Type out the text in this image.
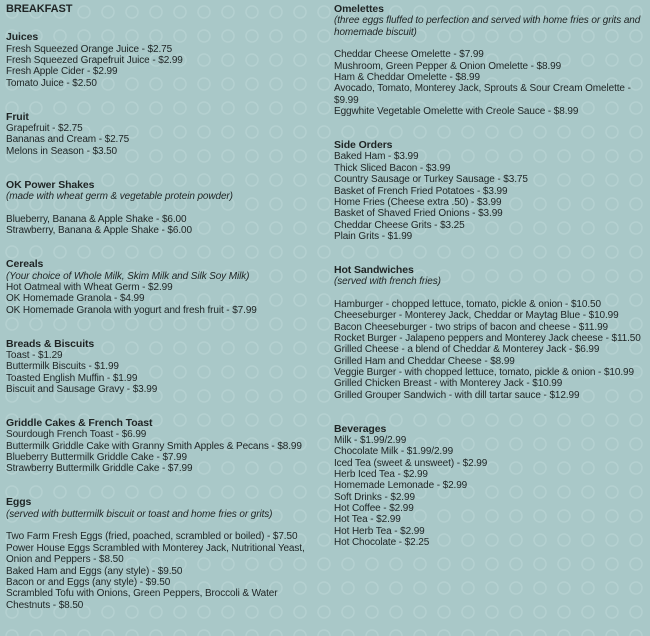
BREAKFAST
Juices
Fresh Squeezed Orange Juice - $2.75
Fresh Squeezed Grapefruit Juice - $2.99
Fresh Apple Cider - $2.99
Tomato Juice - $2.50
Fruit
Grapefruit - $2.75
Bananas and Cream - $2.75
Melons in Season - $3.50
OK Power Shakes
(made with wheat germ & vegetable protein powder)
Blueberry, Banana & Apple Shake - $6.00
Strawberry, Banana & Apple Shake - $6.00
Cereals
(Your choice of Whole Milk, Skim Milk and Silk Soy Milk)
Hot Oatmeal with Wheat Germ - $2.99
OK Homemade Granola - $4.99
OK Homemade Granola with yogurt and fresh fruit - $7.99
Breads & Biscuits
Toast - $1.29
Buttermilk Biscuits - $1.99
Toasted English Muffin - $1.99
Biscuit and Sausage Gravy - $3.99
Griddle Cakes & French Toast
Sourdough French Toast - $6.99
Buttermilk Griddle Cake with Granny Smith Apples & Pecans - $8.99
Blueberry Buttermilk Griddle Cake - $7.99
Strawberry Buttermilk Griddle Cake - $7.99
Eggs
(served with buttermilk biscuit or toast and home fries or grits)
Two Farm Fresh Eggs (fried, poached, scrambled or boiled) - $7.50
Power House Eggs Scrambled with Monterey Jack, Nutritional Yeast, Onion and Peppers - $8.50
Baked Ham and Eggs (any style) - $9.50
Bacon or and Eggs (any style) - $9.50
Scrambled Tofu with Onions, Green Peppers, Broccoli & Water Chestnuts - $8.50
Omelettes
(three eggs fluffed to perfection and served with home fries or grits and homemade biscuit)
Cheddar Cheese Omelette - $7.99
Mushroom, Green Pepper & Onion Omelette - $8.99
Ham & Cheddar Omelette - $8.99
Avocado, Tomato, Monterey Jack, Sprouts & Sour Cream Omelette - $9.99
Eggwhite Vegetable Omelette with Creole Sauce - $8.99
Side Orders
Baked Ham - $3.99
Thick Sliced Bacon - $3.99
Country Sausage or Turkey Sausage - $3.75
Basket of French Fried Potatoes - $3.99
Home Fries (Cheese extra .50) - $3.99
Basket of Shaved Fried Onions - $3.99
Cheddar Cheese Grits - $3.25
Plain Grits - $1.99
Hot Sandwiches
(served with french fries)
Hamburger - chopped lettuce, tomato, pickle & onion - $10.50
Cheeseburger - Monterey Jack, Cheddar or Maytag Blue - $10.99
Bacon Cheeseburger - two strips of bacon and cheese - $11.99
Rocket Burger - Jalapeno peppers and Monterey Jack cheese - $11.50
Grilled Cheese - a blend of Cheddar & Monterey Jack - $6.99
Grilled Ham and Cheddar Cheese - $8.99
Veggie Burger - with chopped lettuce, tomato, pickle & onion - $10.99
Grilled Chicken Breast - with Monterey Jack - $10.99
Grilled Grouper Sandwich - with dill tartar sauce - $12.99
Beverages
Milk - $1.99/2.99
Chocolate Milk - $1.99/2.99
Iced Tea (sweet & unsweet) - $2.99
Herb Iced Tea - $2.99
Homemade Lemonade - $2.99
Soft Drinks - $2.99
Hot Coffee - $2.99
Hot Tea - $2.99
Hot Herb Tea - $2.99
Hot Chocolate - $2.25
